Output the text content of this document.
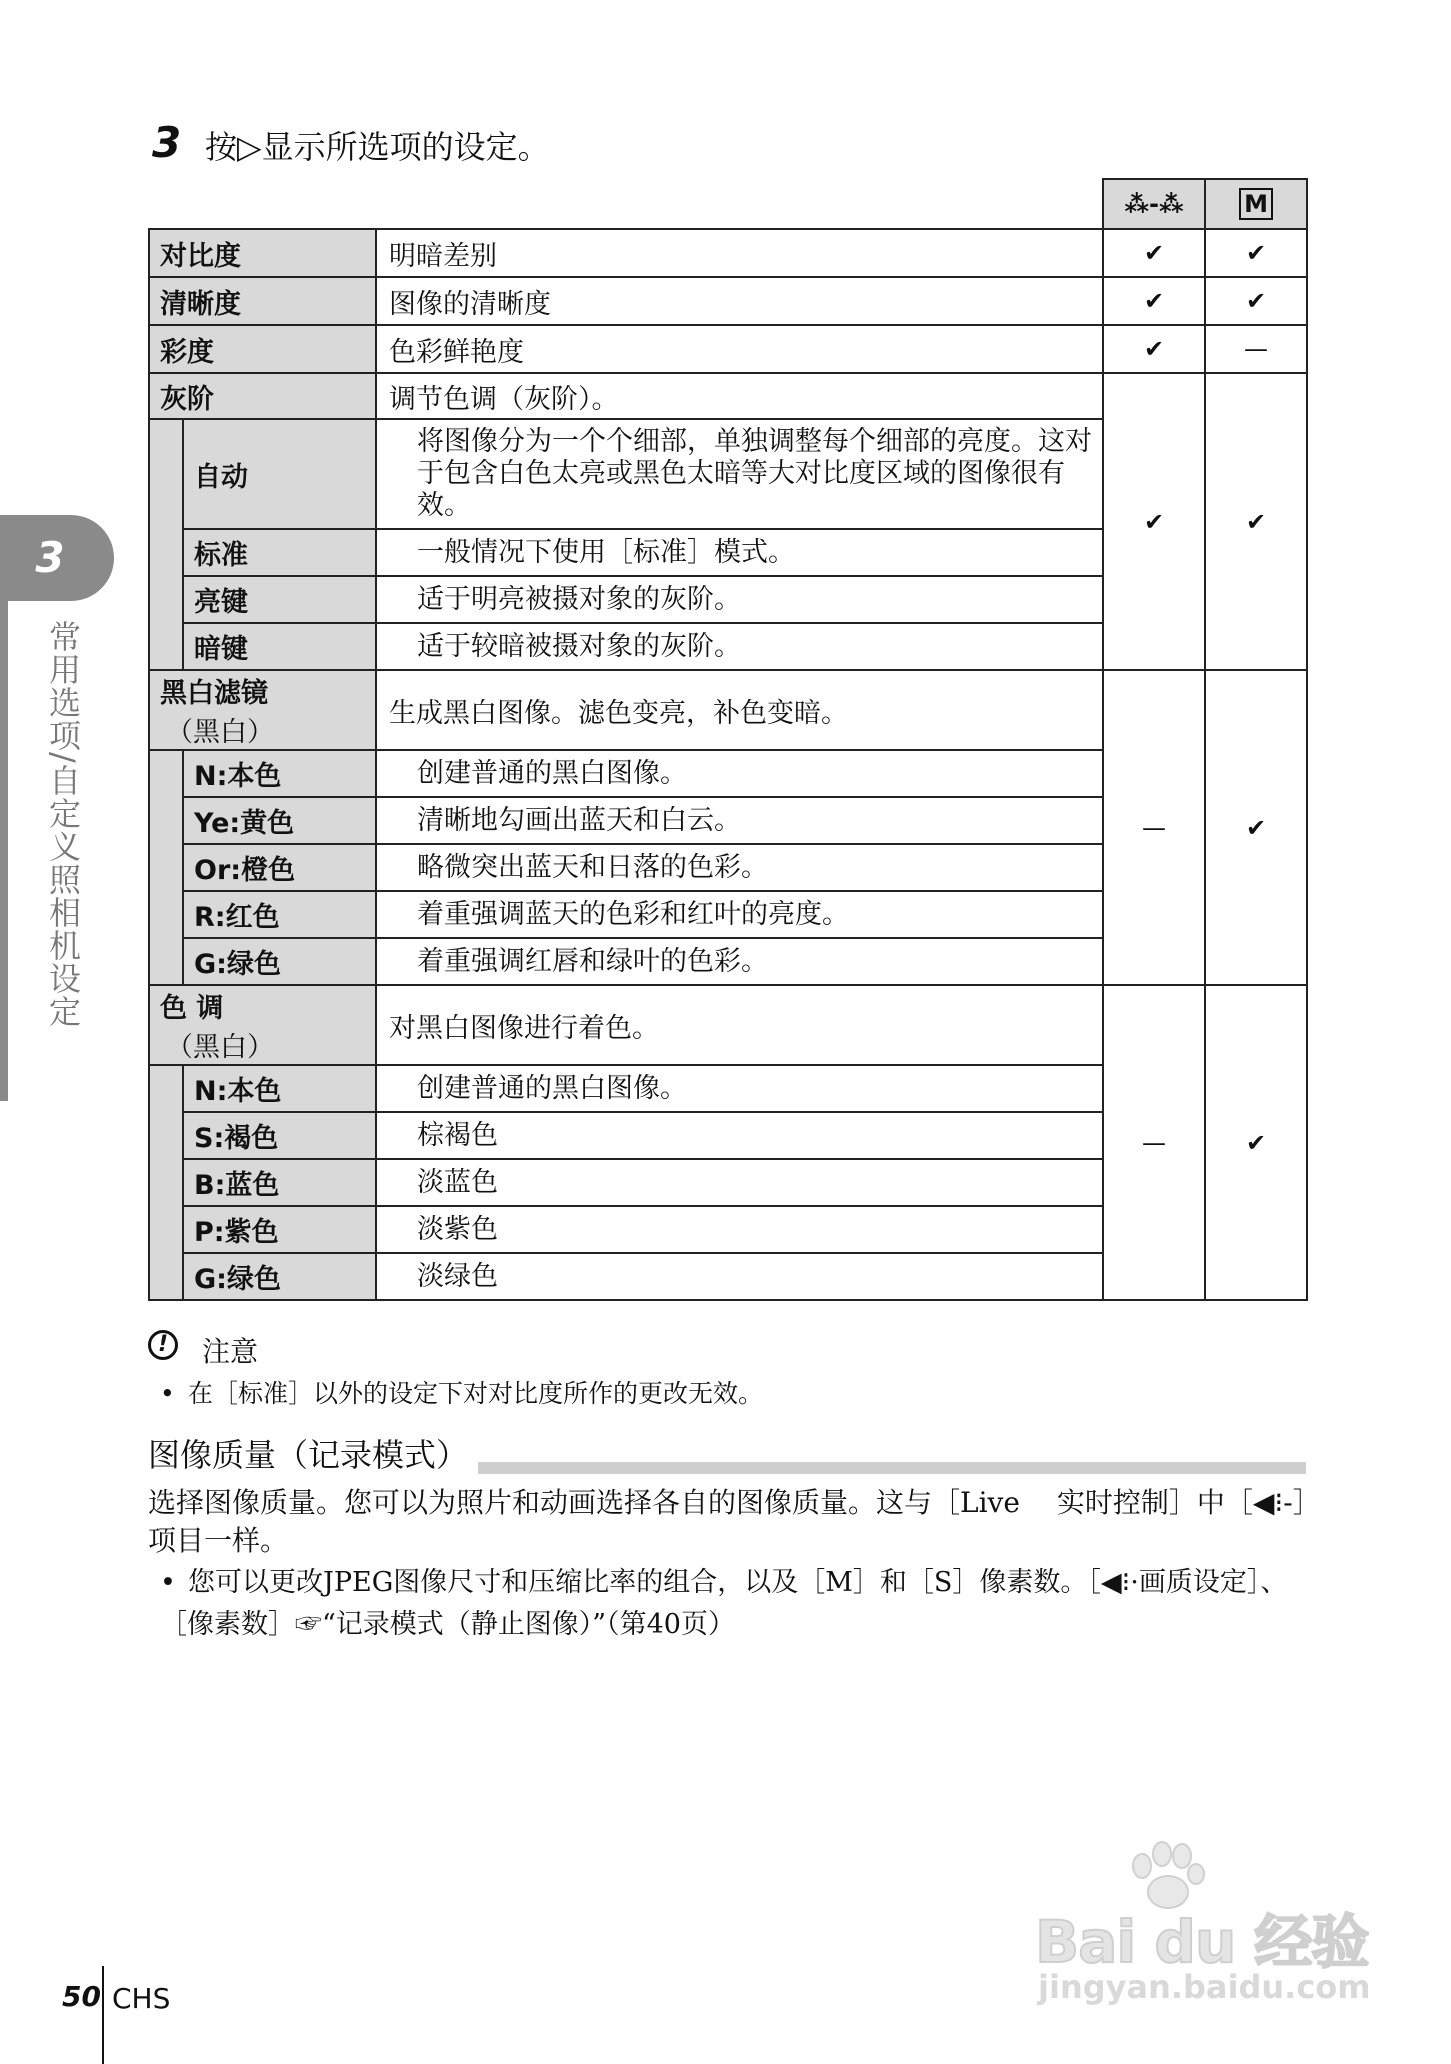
3 按▷显示所选项的设定。
			⁂-⁂	M
对比度		明暗差别	✔	✔
清晰度		图像的清晰度	✔	✔
彩度		色彩鲜艳度	✔	—
灰阶		调节色调（灰阶）。	✔	✔
	自动	将图像分为一个个细部，单独调整每个细部的亮度。这对于包含白色太亮或黑色太暗等大对比度区域的图像很有效。		
	标准	一般情况下使用［标准］模式。		
	亮键	适于明亮被摄对象的灰阶。		
	暗键	适于较暗被摄对象的灰阶。		
黑白滤镜
（黑白）		生成黑白图像。滤色变亮，补色变暗。	—	✔
	N:本色	创建普通的黑白图像。		
	Ye:黄色	清晰地勾画出蓝天和白云。		
	Or:橙色	略微突出蓝天和日落的色彩。		
	R:红色	着重强调蓝天的色彩和红叶的亮度。		
	G:绿色	着重强调红唇和绿叶的色彩。		
色 调
（黑白）		对黑白图像进行着色。	—	✔
	N:本色	创建普通的黑白图像。		
	S:褐色	棕褐色		
	B:蓝色	淡蓝色		
	P:紫色	淡紫色		
	G:绿色	淡绿色		
3
常用选项/自定义照相机设定
!	注意
• 在［标准］以外的设定下对对比度所作的更改无效。
图像质量（记录模式）
选择图像质量。您可以为照片和动画选择各自的图像质量。这与［Live　 实时控制］中［◀⁝-］项目一样。
• 您可以更改JPEG图像尺寸和压缩比率的组合，以及［M］和［S］像素数。［◀⁝·画质设定］、［像素数］☞“记录模式（静止图像）”（第40页）
Bai du 经验
jingyan.baidu.com
50 CHS
